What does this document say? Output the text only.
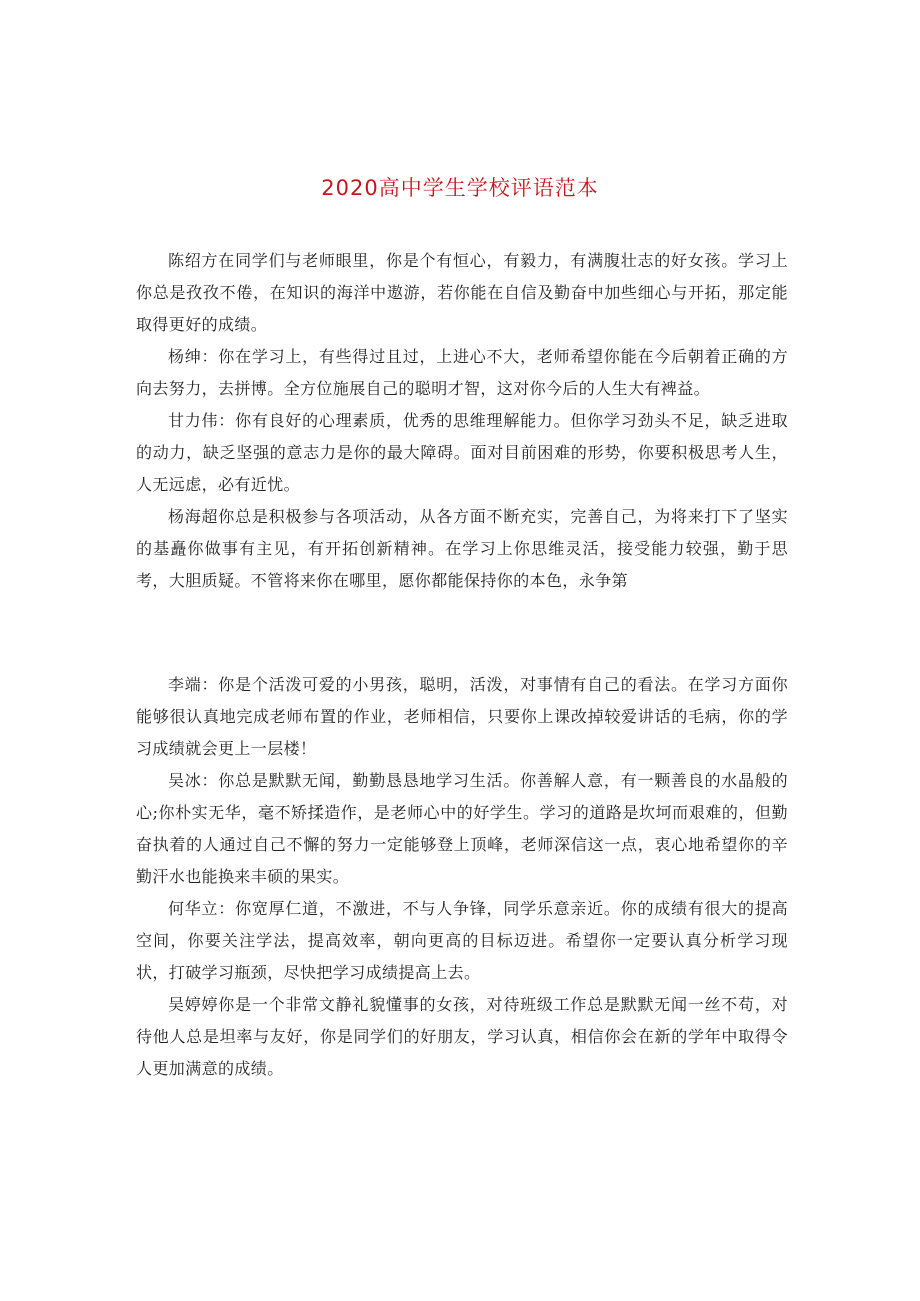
2020高中学生学校评语范本

陈绍方在同学们与老师眼里，你是个有恒心，有毅力，有满腹壮志的好女孩。学习上你总是孜孜不倦，在知识的海洋中遨游，若你能在自信及勤奋中加些细心与开拓，那定能取得更好的成绩。

杨绅：你在学习上，有些得过且过，上进心不大，老师希望你能在今后朝着正确的方向去努力，去拼博。全方位施展自己的聪明才智，这对你今后的人生大有裨益。

甘力伟：你有良好的心理素质，优秀的思维理解能力。但你学习劲头不足，缺乏进取的动力，缺乏坚强的意志力是你的最大障碍。面对目前困难的形势，你要积极思考人生，人无远虑，必有近忧。

杨海超你总是积极参与各项活动，从各方面不断充实，完善自己，为将来打下了坚实的基矗你做事有主见，有开拓创新精神。在学习上你思维灵活，接受能力较强，勤于思考，大胆质疑。不管将来你在哪里，愿你都能保持你的本色，永争第

李端：你是个活泼可爱的小男孩，聪明，活泼，对事情有自己的看法。在学习方面你能够很认真地完成老师布置的作业，老师相信，只要你上课改掉较爱讲话的毛病，你的学习成绩就会更上一层楼！

吴冰：你总是默默无闻，勤勤恳恳地学习生活。你善解人意，有一颗善良的水晶般的心;你朴实无华，毫不矫揉造作，是老师心中的好学生。学习的道路是坎坷而艰难的，但勤奋执着的人通过自己不懈的努力一定能够登上顶峰，老师深信这一点，衷心地希望你的辛勤汗水也能换来丰硕的果实。

何华立：你宽厚仁道，不激进，不与人争锋，同学乐意亲近。你的成绩有很大的提高空间，你要关注学法，提高效率，朝向更高的目标迈进。希望你一定要认真分析学习现状，打破学习瓶颈，尽快把学习成绩提高上去。

吴婷婷你是一个非常文静礼貌懂事的女孩，对待班级工作总是默默无闻一丝不苟，对待他人总是坦率与友好，你是同学们的好朋友，学习认真，相信你会在新的学年中取得令人更加满意的成绩。
